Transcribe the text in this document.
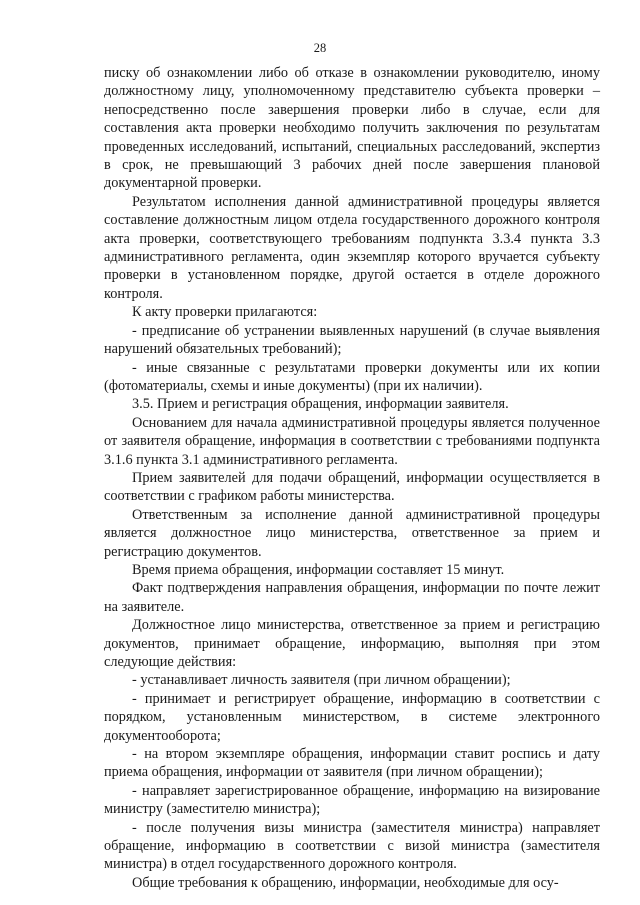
28

писку об ознакомлении либо об отказе в ознакомлении руководителю, иному должностному лицу, уполномоченному представителю субъекта проверки – непосредственно после завершения проверки либо в случае, если для составления акта проверки необходимо получить заключения по результатам проведенных исследований, испытаний, специальных расследований, экспертиз в срок, не превышающий 3 рабочих дней после завершения плановой документарной проверки.

Результатом исполнения данной административной процедуры является составление должностным лицом отдела государственного дорожного контроля акта проверки, соответствующего требованиям подпункта 3.3.4 пункта 3.3 административного регламента, один экземпляр которого вручается субъекту проверки в установленном порядке, другой остается в отделе дорожного контроля.

К акту проверки прилагаются:

- предписание об устранении выявленных нарушений (в случае выявления нарушений обязательных требований);

- иные связанные с результатами проверки документы или их копии (фотоматериалы, схемы и иные документы) (при их наличии).

3.5. Прием и регистрация обращения, информации заявителя.

Основанием для начала административной процедуры является полученное от заявителя обращение, информация в соответствии с требованиями подпункта 3.1.6 пункта 3.1 административного регламента.

Прием заявителей для подачи обращений, информации осуществляется в соответствии с графиком работы министерства.

Ответственным за исполнение данной административной процедуры является должностное лицо министерства, ответственное за прием и регистрацию документов.

Время приема обращения, информации составляет 15 минут.

Факт подтверждения направления обращения, информации по почте лежит на заявителе.

Должностное лицо министерства, ответственное за прием и регистрацию документов, принимает обращение, информацию, выполняя при этом следующие действия:

- устанавливает личность заявителя (при личном обращении);

- принимает и регистрирует обращение, информацию в соответствии с порядком, установленным министерством, в системе электронного документооборота;

- на втором экземпляре обращения, информации ставит роспись и дату приема обращения, информации от заявителя (при личном обращении);

- направляет зарегистрированное обращение, информацию на визирование министру (заместителю министра);

- после получения визы министра (заместителя министра) направляет обращение, информацию в соответствии с визой министра (заместителя министра) в отдел государственного дорожного контроля.

Общие требования к обращению, информации, необходимые для осу-
